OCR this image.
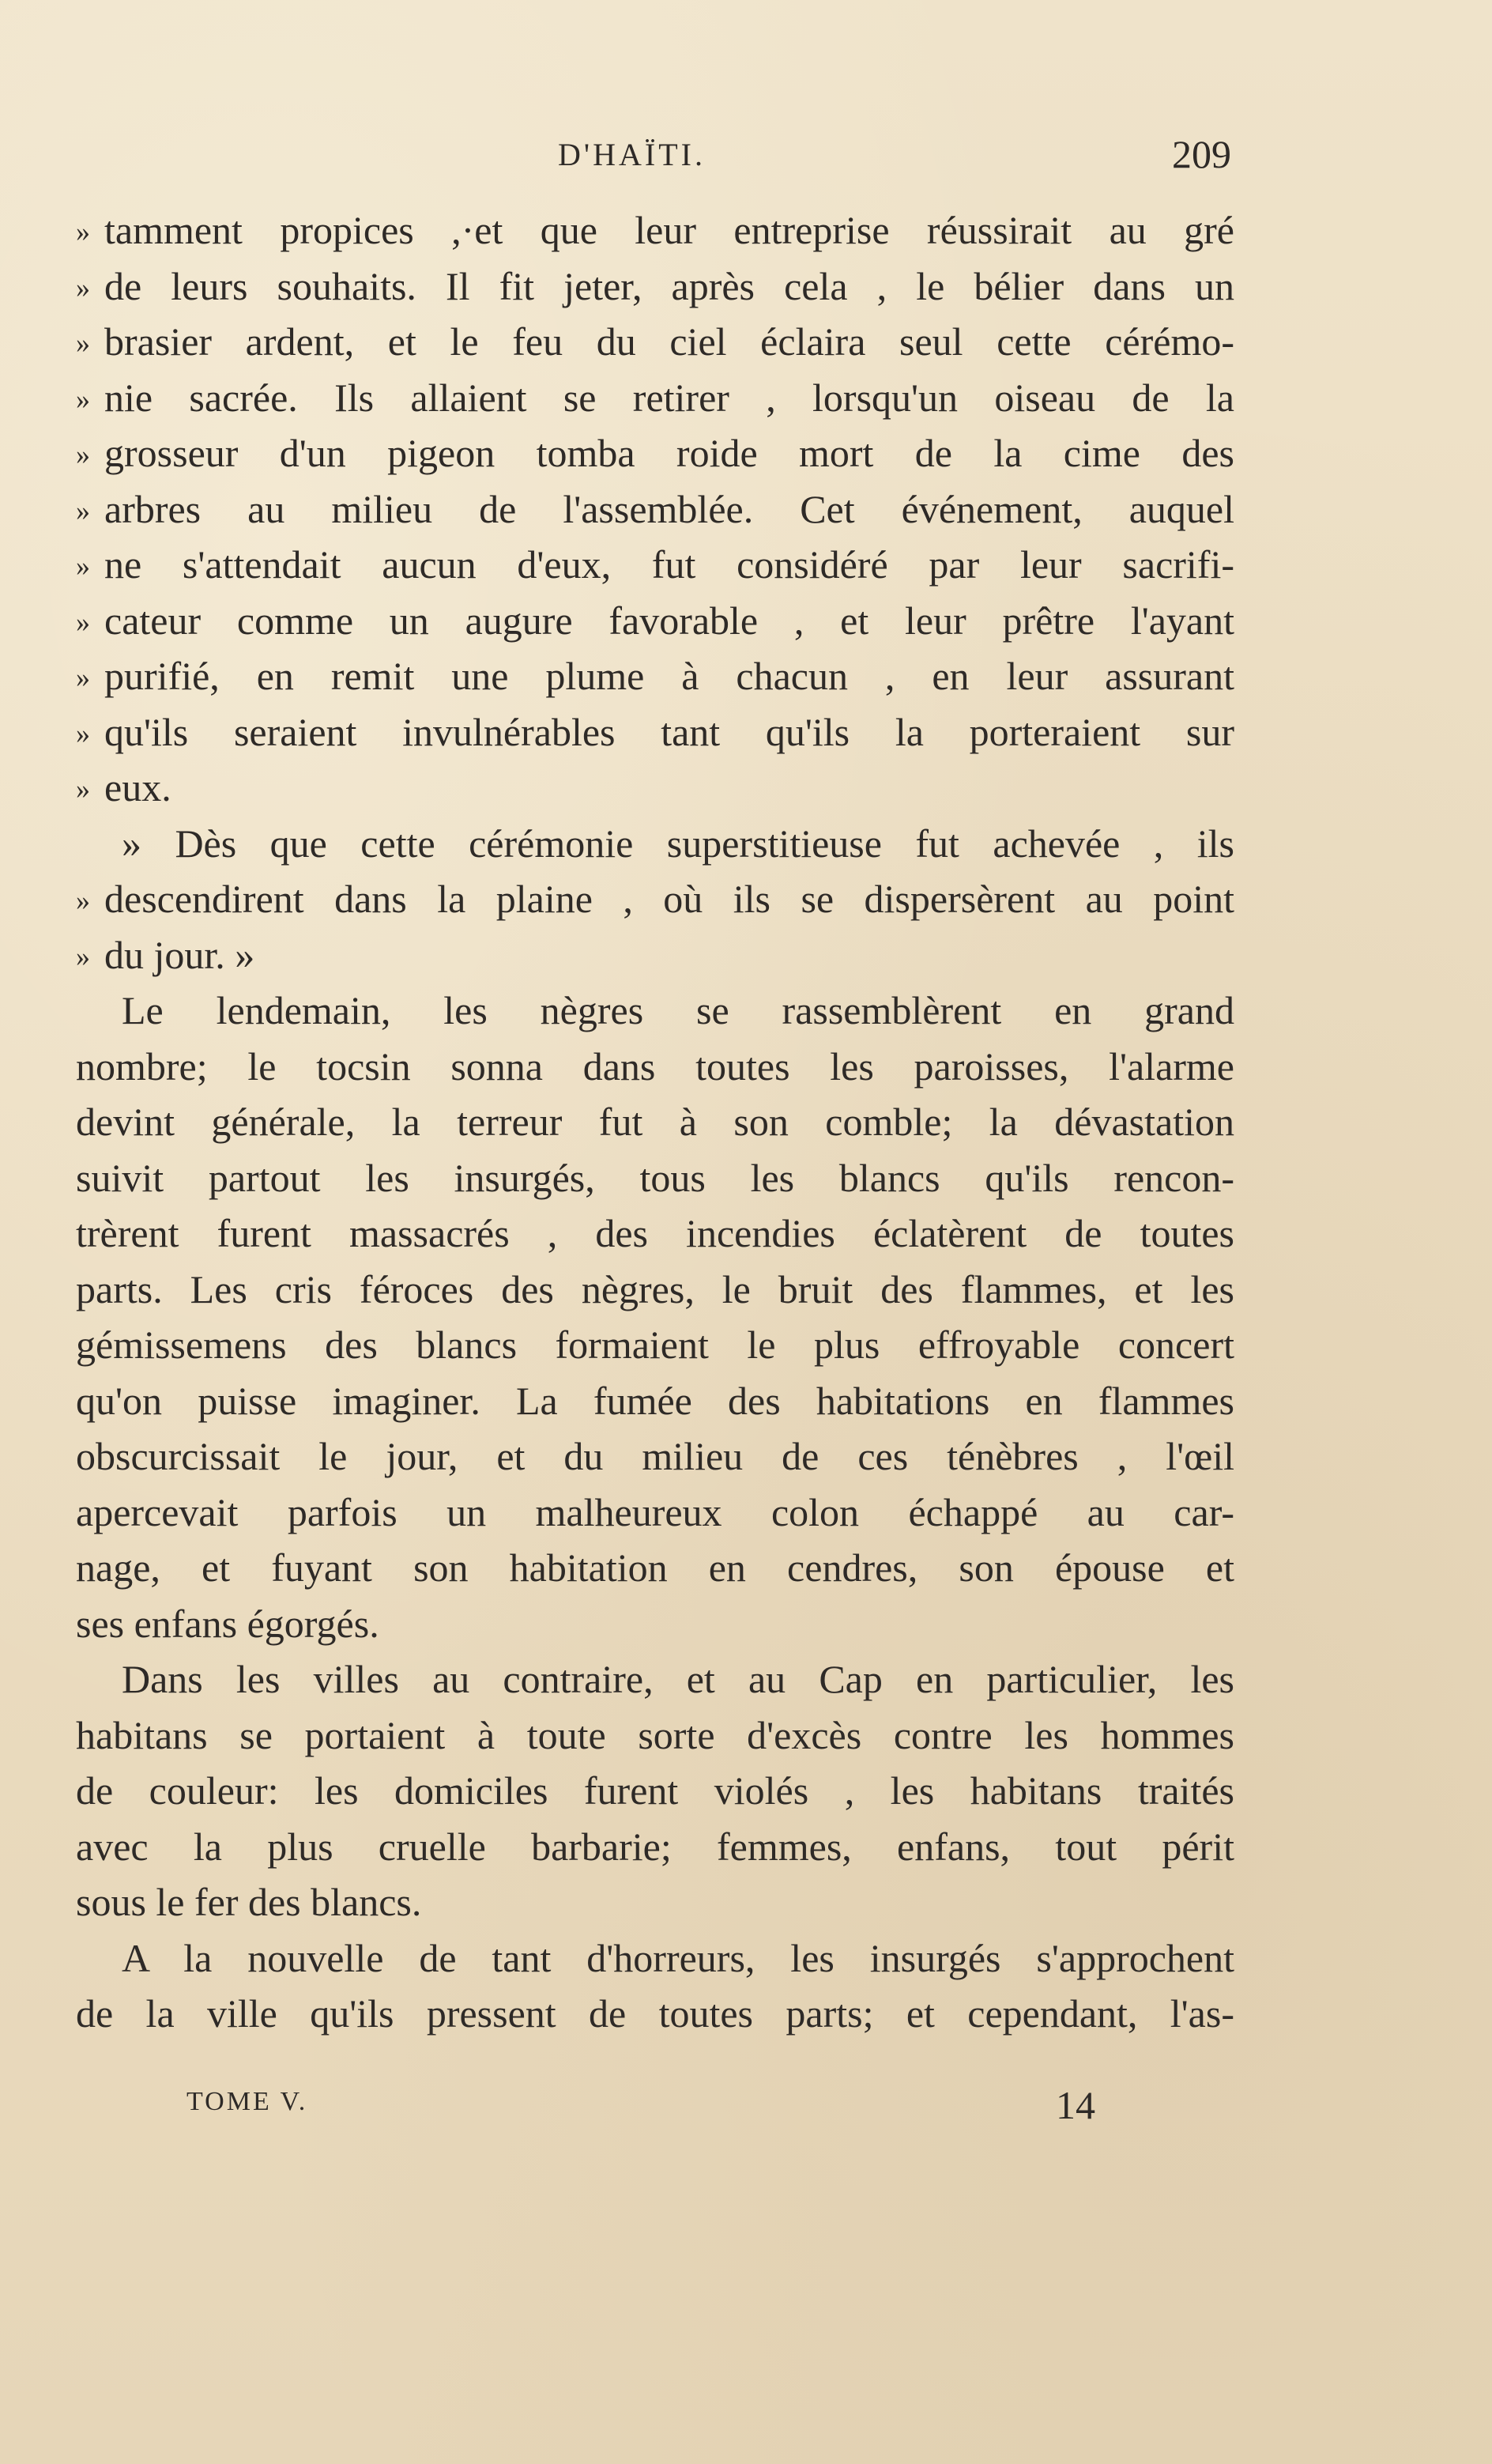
D'HAÏTI.	209

» tamment propices ,·et que leur entreprise réussirait au gré
» de leurs souhaits. Il fit jeter, après cela , le bélier dans un
» brasier ardent, et le feu du ciel éclaira seul cette cérémo-
» nie sacrée. Ils allaient se retirer , lorsqu'un oiseau de la
» grosseur d'un pigeon tomba roide mort de la cime des
» arbres au milieu de l'assemblée. Cet événement, auquel
» ne s'attendait aucun d'eux, fut considéré par leur sacrifi-
» cateur comme un augure favorable , et leur prêtre l'ayant
» purifié, en remit une plume à chacun , en leur assurant
» qu'ils seraient invulnérables tant qu'ils la porteraient sur
» eux.

» Dès que cette cérémonie superstitieuse fut achevée , ils
» descendirent dans la plaine , où ils se dispersèrent au point
» du jour. »

Le lendemain, les nègres se rassemblèrent en grand
nombre; le tocsin sonna dans toutes les paroisses, l'alarme
devint générale, la terreur fut à son comble; la dévastation
suivit partout les insurgés, tous les blancs qu'ils rencon-
trèrent furent massacrés , des incendies éclatèrent de toutes
parts. Les cris féroces des nègres, le bruit des flammes, et les
gémissemens des blancs formaient le plus effroyable concert
qu'on puisse imaginer. La fumée des habitations en flammes
obscurcissait le jour, et du milieu de ces ténèbres , l'œil
apercevait parfois un malheureux colon échappé au car-
nage, et fuyant son habitation en cendres, son épouse et
ses enfans égorgés.

Dans les villes au contraire, et au Cap en particulier, les
habitans se portaient à toute sorte d'excès contre les hommes
de couleur: les domiciles furent violés , les habitans traités
avec la plus cruelle barbarie; femmes, enfans, tout périt
sous le fer des blancs.

A la nouvelle de tant d'horreurs, les insurgés s'approchent
de la ville qu'ils pressent de toutes parts; et cependant, l'as-

TOME V.	14
